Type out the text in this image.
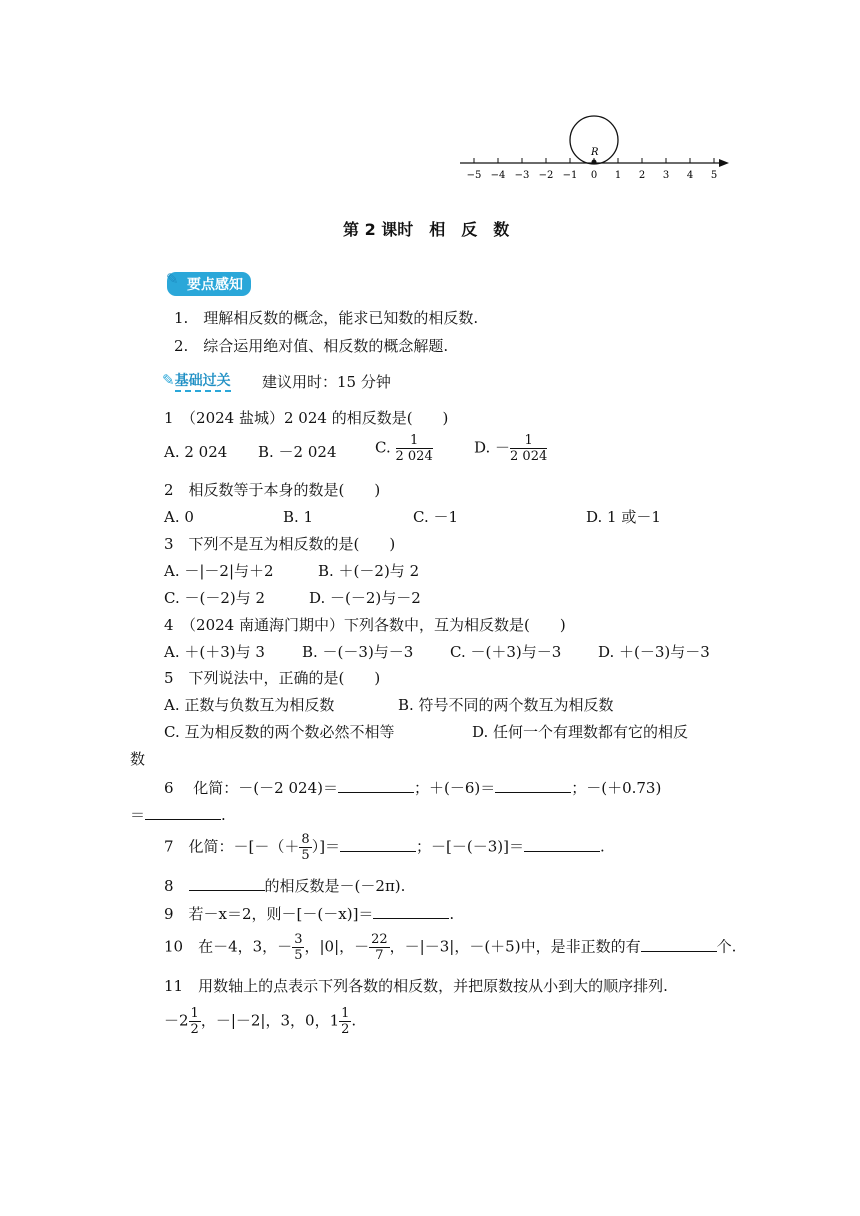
R
−5 −4 −3 −2 −1 0 1 2 3 4 5
第 2 课时　相　反　数
要点感知
✎
1.　理解相反数的概念，能求已知数的相反数.
2.　综合运用绝对值、相反数的概念解题.
✎基础过关 建议用时：15 分钟
1　（2024 盐城）2 024 的相反数是(　　)
A. 2 024 B. －2 024	C. $\frac{1}{2 024}$	D. － $\frac{1}{2 024}$
2　相反数等于本身的数是(　　)
A. 0	B. 1	C. －1	D. 1 或－1
3　下列不是互为相反数的是(　　)
A. －|－2|与＋2	B. ＋(－2)与 2
C. －(－2)与 2	D. －(－2)与－2
4　（2024 南通海门期中）下列各数中，互为相反数是(　　)
A. ＋(＋3)与 3 B. －(－3)与－3 C. －(＋3)与－3 D. ＋(－3)与－3
5　下列说法中，正确的是(　　)
A. 正数与负数互为相反数	B. 符号不同的两个数互为相反数
C. 互为相反数的两个数必然不相等	D. 任何一个有理数都有它的相反
数
6　 化简：－(－2 024)＝	；＋(－6)＝	；－(＋0.73)
＝	.
7　化简：－[－（＋ $\frac{8}{5}$ ）]＝	；－[－(－3)]＝	.
8　	的相反数是－(－2π).
9　若－x＝2，则－[－(－x)]＝	.
10　在－4，3，－ $\frac{3}{5}$ ，|0|，－ $\frac{22}{7}$ ，－|－3|，－(＋5)中，是非正数的有	个.
11　用数轴上的点表示下列各数的相反数，并把原数按从小到大的顺序排列.
$-2 \frac{1}{2}$ ，－|－2|，3，0，$1 \frac{1}{2}$ .
